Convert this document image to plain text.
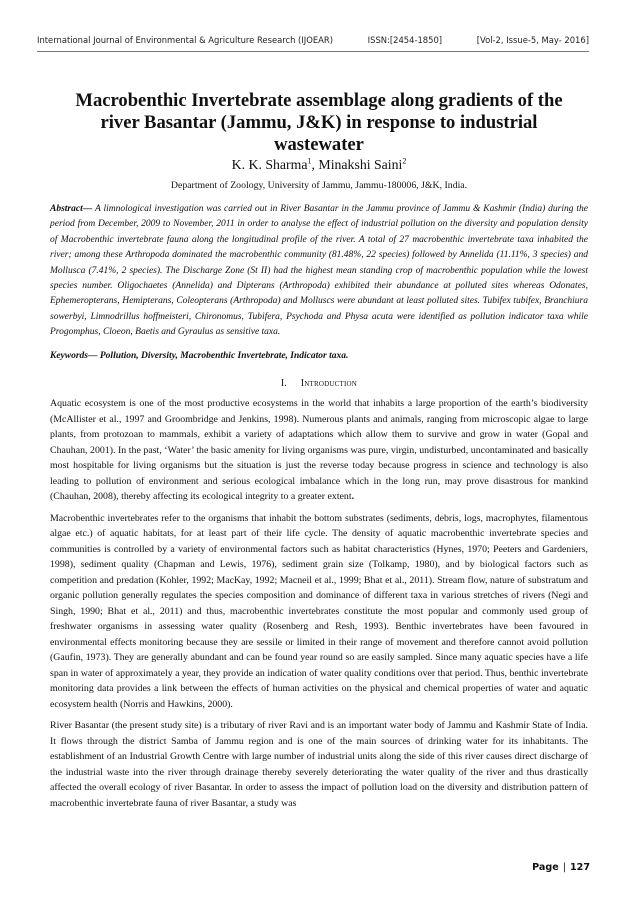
International Journal of Environmental & Agriculture Research (IJOEAR)	ISSN:[2454-1850]	[Vol-2, Issue-5, May- 2016]
Macrobenthic Invertebrate assemblage along gradients of the river Basantar (Jammu, J&K) in response to industrial wastewater
K. K. Sharma$^1$, Minakshi Saini$^2$
Department of Zoology, University of Jammu, Jammu-180006, J&K, India.

Abstract— A limnological investigation was carried out in River Basantar in the Jammu province of Jammu & Kashmir (India) during the period from December, 2009 to November, 2011 in order to analyse the effect of industrial pollution on the diversity and population density of Macrobenthic invertebrate fauna along the longitudinal profile of the river. A total of 27 macrobenthic invertebrate taxa inhabited the river; among these Arthropoda dominated the macrobenthic community (81.48%, 22 species) followed by Annelida (11.11%, 3 species) and Mollusca (7.41%, 2 species). The Discharge Zone (St II) had the highest mean standing crop of macrobenthic population while the lowest species number. Oligochaetes (Annelida) and Dipterans (Arthropoda) exhibited their abundance at polluted sites whereas Odonates, Ephemeropterans, Hemipterans, Coleopterans (Arthropoda) and Molluscs were abundant at least polluted sites. Tubifex tubifex, Branchiura sowerbyi, Limnodrillus hoffmeisteri, Chironomus, Tubifera, Psychoda and Physa acuta were identified as pollution indicator taxa while Progomphus, Cloeon, Baetis and Gyraulus as sensitive taxa.

Keywords— Pollution, Diversity, Macrobenthic Invertebrate, Indicator taxa.

I. Introduction

Aquatic ecosystem is one of the most productive ecosystems in the world that inhabits a large proportion of the earth’s biodiversity (McAllister et al., 1997 and Groombridge and Jenkins, 1998). Numerous plants and animals, ranging from microscopic algae to large plants, from protozoan to mammals, exhibit a variety of adaptations which allow them to survive and grow in water (Gopal and Chauhan, 2001). In the past, ‘Water’ the basic amenity for living organisms was pure, virgin, undisturbed, uncontaminated and basically most hospitable for living organisms but the situation is just the reverse today because progress in science and technology is also leading to pollution of environment and serious ecological imbalance which in the long run, may prove disastrous for mankind (Chauhan, 2008), thereby affecting its ecological integrity to a greater extent.

Macrobenthic invertebrates refer to the organisms that inhabit the bottom substrates (sediments, debris, logs, macrophytes, filamentous algae etc.) of aquatic habitats, for at least part of their life cycle. The density of aquatic macrobenthic invertebrate species and communities is controlled by a variety of environmental factors such as habitat characteristics (Hynes, 1970; Peeters and Gardeniers, 1998), sediment quality (Chapman and Lewis, 1976), sediment grain size (Tolkamp, 1980), and by biological factors such as competition and predation (Kohler, 1992; MacKay, 1992; Macneil et al., 1999; Bhat et al., 2011). Stream flow, nature of substratum and organic pollution generally regulates the species composition and dominance of different taxa in various stretches of rivers (Negi and Singh, 1990; Bhat et al., 2011) and thus, macrobenthic invertebrates constitute the most popular and commonly used group of freshwater organisms in assessing water quality (Rosenberg and Resh, 1993). Benthic invertebrates have been favoured in environmental effects monitoring because they are sessile or limited in their range of movement and therefore cannot avoid pollution (Gaufin, 1973). They are generally abundant and can be found year round so are easily sampled. Since many aquatic species have a life span in water of approximately a year, they provide an indication of water quality conditions over that period. Thus, benthic invertebrate monitoring data provides a link between the effects of human activities on the physical and chemical properties of water and aquatic ecosystem health (Norris and Hawkins, 2000).

River Basantar (the present study site) is a tributary of river Ravi and is an important water body of Jammu and Kashmir State of India. It flows through the district Samba of Jammu region and is one of the main sources of drinking water for its inhabitants. The establishment of an Industrial Growth Centre with large number of industrial units along the side of this river causes direct discharge of the industrial waste into the river through drainage thereby severely deteriorating the water quality of the river and thus drastically affected the overall ecology of river Basantar. In order to assess the impact of pollution load on the diversity and distribution pattern of macrobenthic invertebrate fauna of river Basantar, a study was

Page | 127
